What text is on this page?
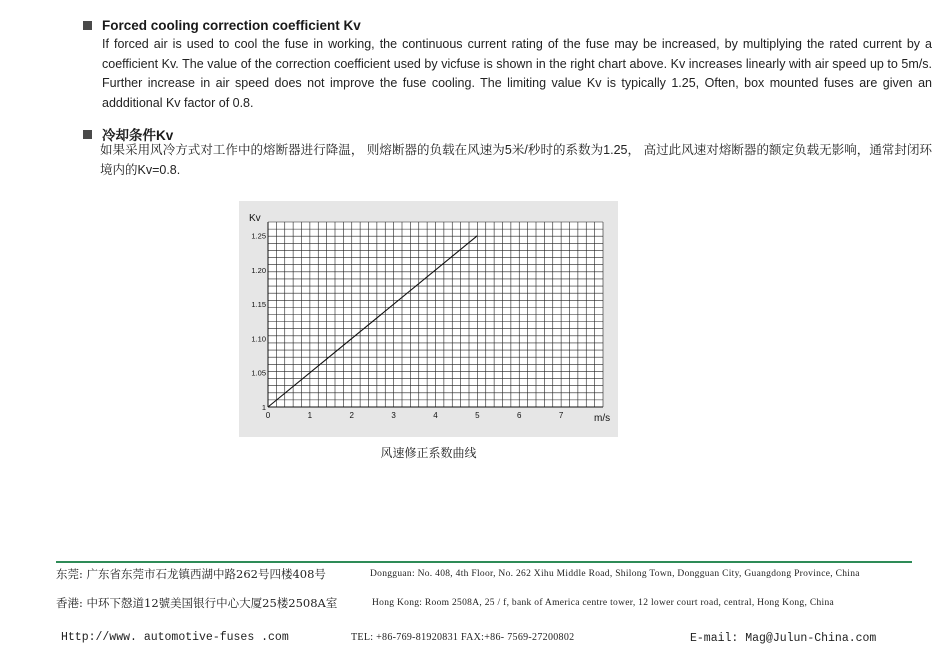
Forced cooling correction coefficient Kv
If forced air is used to cool the fuse in working, the continuous current rating of the fuse may be increased, by multiplying the rated current by a coefficient Kv. The value of the correction coefficient used by vicfuse is shown in the right chart above. Kv increases linearly with air speed up to 5m/s. Further increase in air speed does not improve the fuse cooling. The limiting value Kv is typically 1.25, Often, box mounted fuses are given an addditional Kv factor of 0.8.
冷却条件Kv
如果采用风冷方式对工作中的熔断器进行降温， 则熔断器的负载在风速为5米/秒时的系数为1.25， 高过此风速对熔断器的额定负载无影响，通常封闭环境内的Kv=0.8.
0	1	2	3	4	5	6	7
1
1.05
1.10
1.15
1.20
1.25
Kv
m/s
风速修正系数曲线
东莞: 广东省东莞市石龙镇西湖中路262号四楼408号	Dongguan: No. 408, 4th Floor, No. 262 Xihu Middle Road, Shilong Town, Dongguan City, Guangdong Province, China
香港: 中环下慤道12號美国银行中心大厦25楼2508A室	Hong Kong: Room 2508A, 25 / f, bank of America centre tower, 12 lower court road, central, Hong Kong, China
Http://www. automotive-fuses .com	TEL: +86-769-81920831 FAX:+86- 7569-27200802	E-mail: Mag@Julun-China.com
